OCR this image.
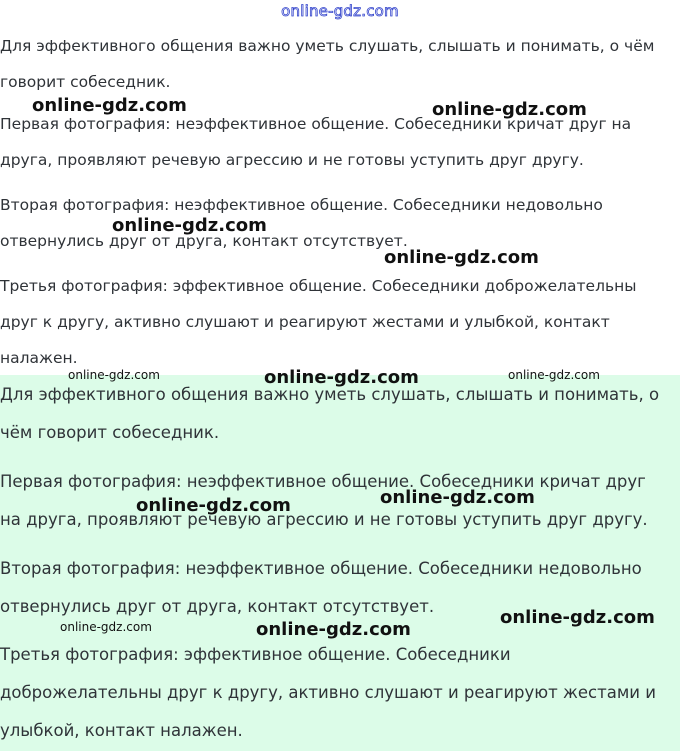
online-gdz.com

Для эффективного общения важно уметь слушать, слышать и понимать, о чём
говорит собеседник.

Первая фотография: неэффективное общение. Собеседники кричат друг на
друга, проявляют речевую агрессию и не готовы уступить друг другу.

Вторая фотография: неэффективное общение. Собеседники недовольно
отвернулись друг от друга, контакт отсутствует.

Третья фотография: эффективное общение. Собеседники доброжелательны
друг к другу, активно слушают и реагируют жестами и улыбкой, контакт
налажен.

Для эффективного общения важно уметь слушать, слышать и понимать, о
чём говорит собеседник.

Первая фотография: неэффективное общение. Собеседники кричат друг
на друга, проявляют речевую агрессию и не готовы уступить друг другу.

Вторая фотография: неэффективное общение. Собеседники недовольно
отвернулись друг от друга, контакт отсутствует.

Третья фотография: эффективное общение. Собеседники
доброжелательны друг к другу, активно слушают и реагируют жестами и
улыбкой, контакт налажен.

online-gdz.com	online-gdz.com
online-gdz.com
online-gdz.com
online-gdz.com	online-gdz.com	online-gdz.com
online-gdz.com
online-gdz.com
online-gdz.com
online-gdz.com	online-gdz.com
